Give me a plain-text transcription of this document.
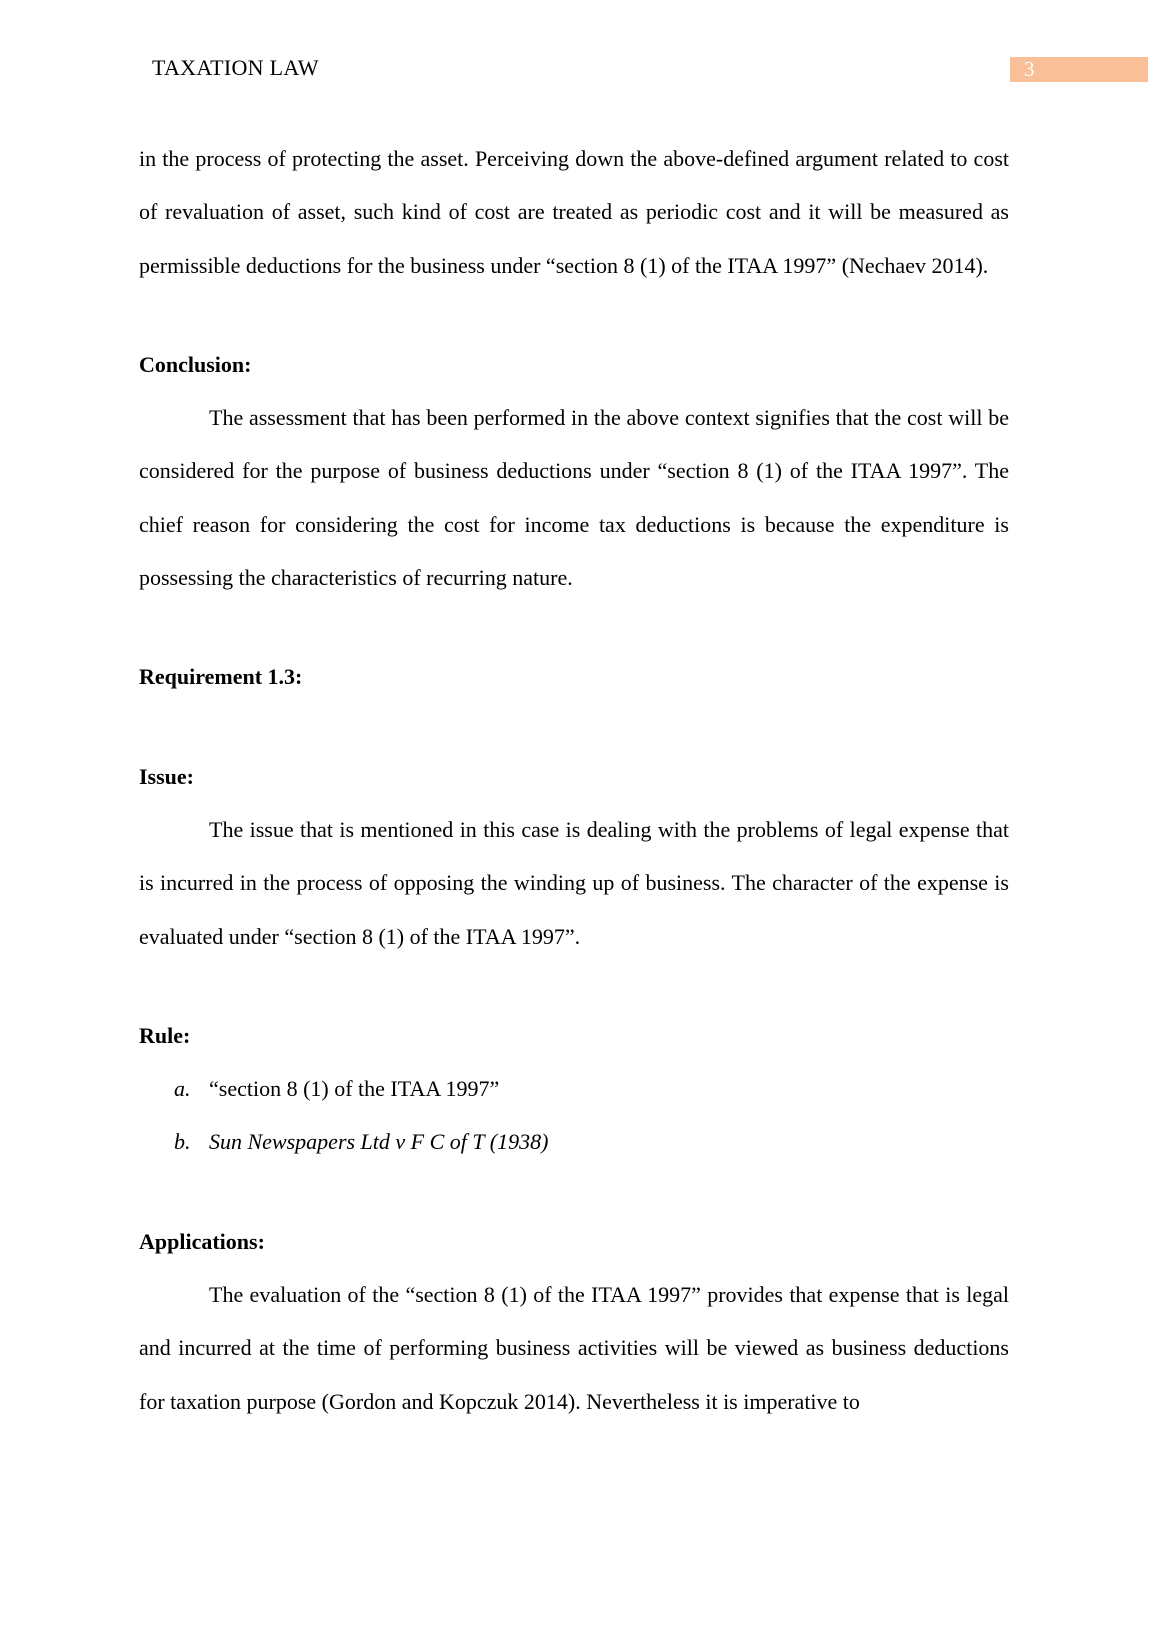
TAXATION LAW	3

in the process of protecting the asset. Perceiving down the above-defined argument related to cost of revaluation of asset, such kind of cost are treated as periodic cost and it will be measured as permissible deductions for the business under “section 8 (1) of the ITAA 1997” (Nechaev 2014).

Conclusion:

The assessment that has been performed in the above context signifies that the cost will be considered for the purpose of business deductions under “section 8 (1) of the ITAA 1997”. The chief reason for considering the cost for income tax deductions is because the expenditure is possessing the characteristics of recurring nature.

Requirement 1.3:

Issue:

The issue that is mentioned in this case is dealing with the problems of legal expense that is incurred in the process of opposing the winding up of business. The character of the expense is evaluated under “section 8 (1) of the ITAA 1997”.

Rule:

a. “section 8 (1) of the ITAA 1997”
b. Sun Newspapers Ltd v F C of T (1938)

Applications:

The evaluation of the “section 8 (1) of the ITAA 1997” provides that expense that is legal and incurred at the time of performing business activities will be viewed as business deductions for taxation purpose (Gordon and Kopczuk 2014). Nevertheless it is imperative to
